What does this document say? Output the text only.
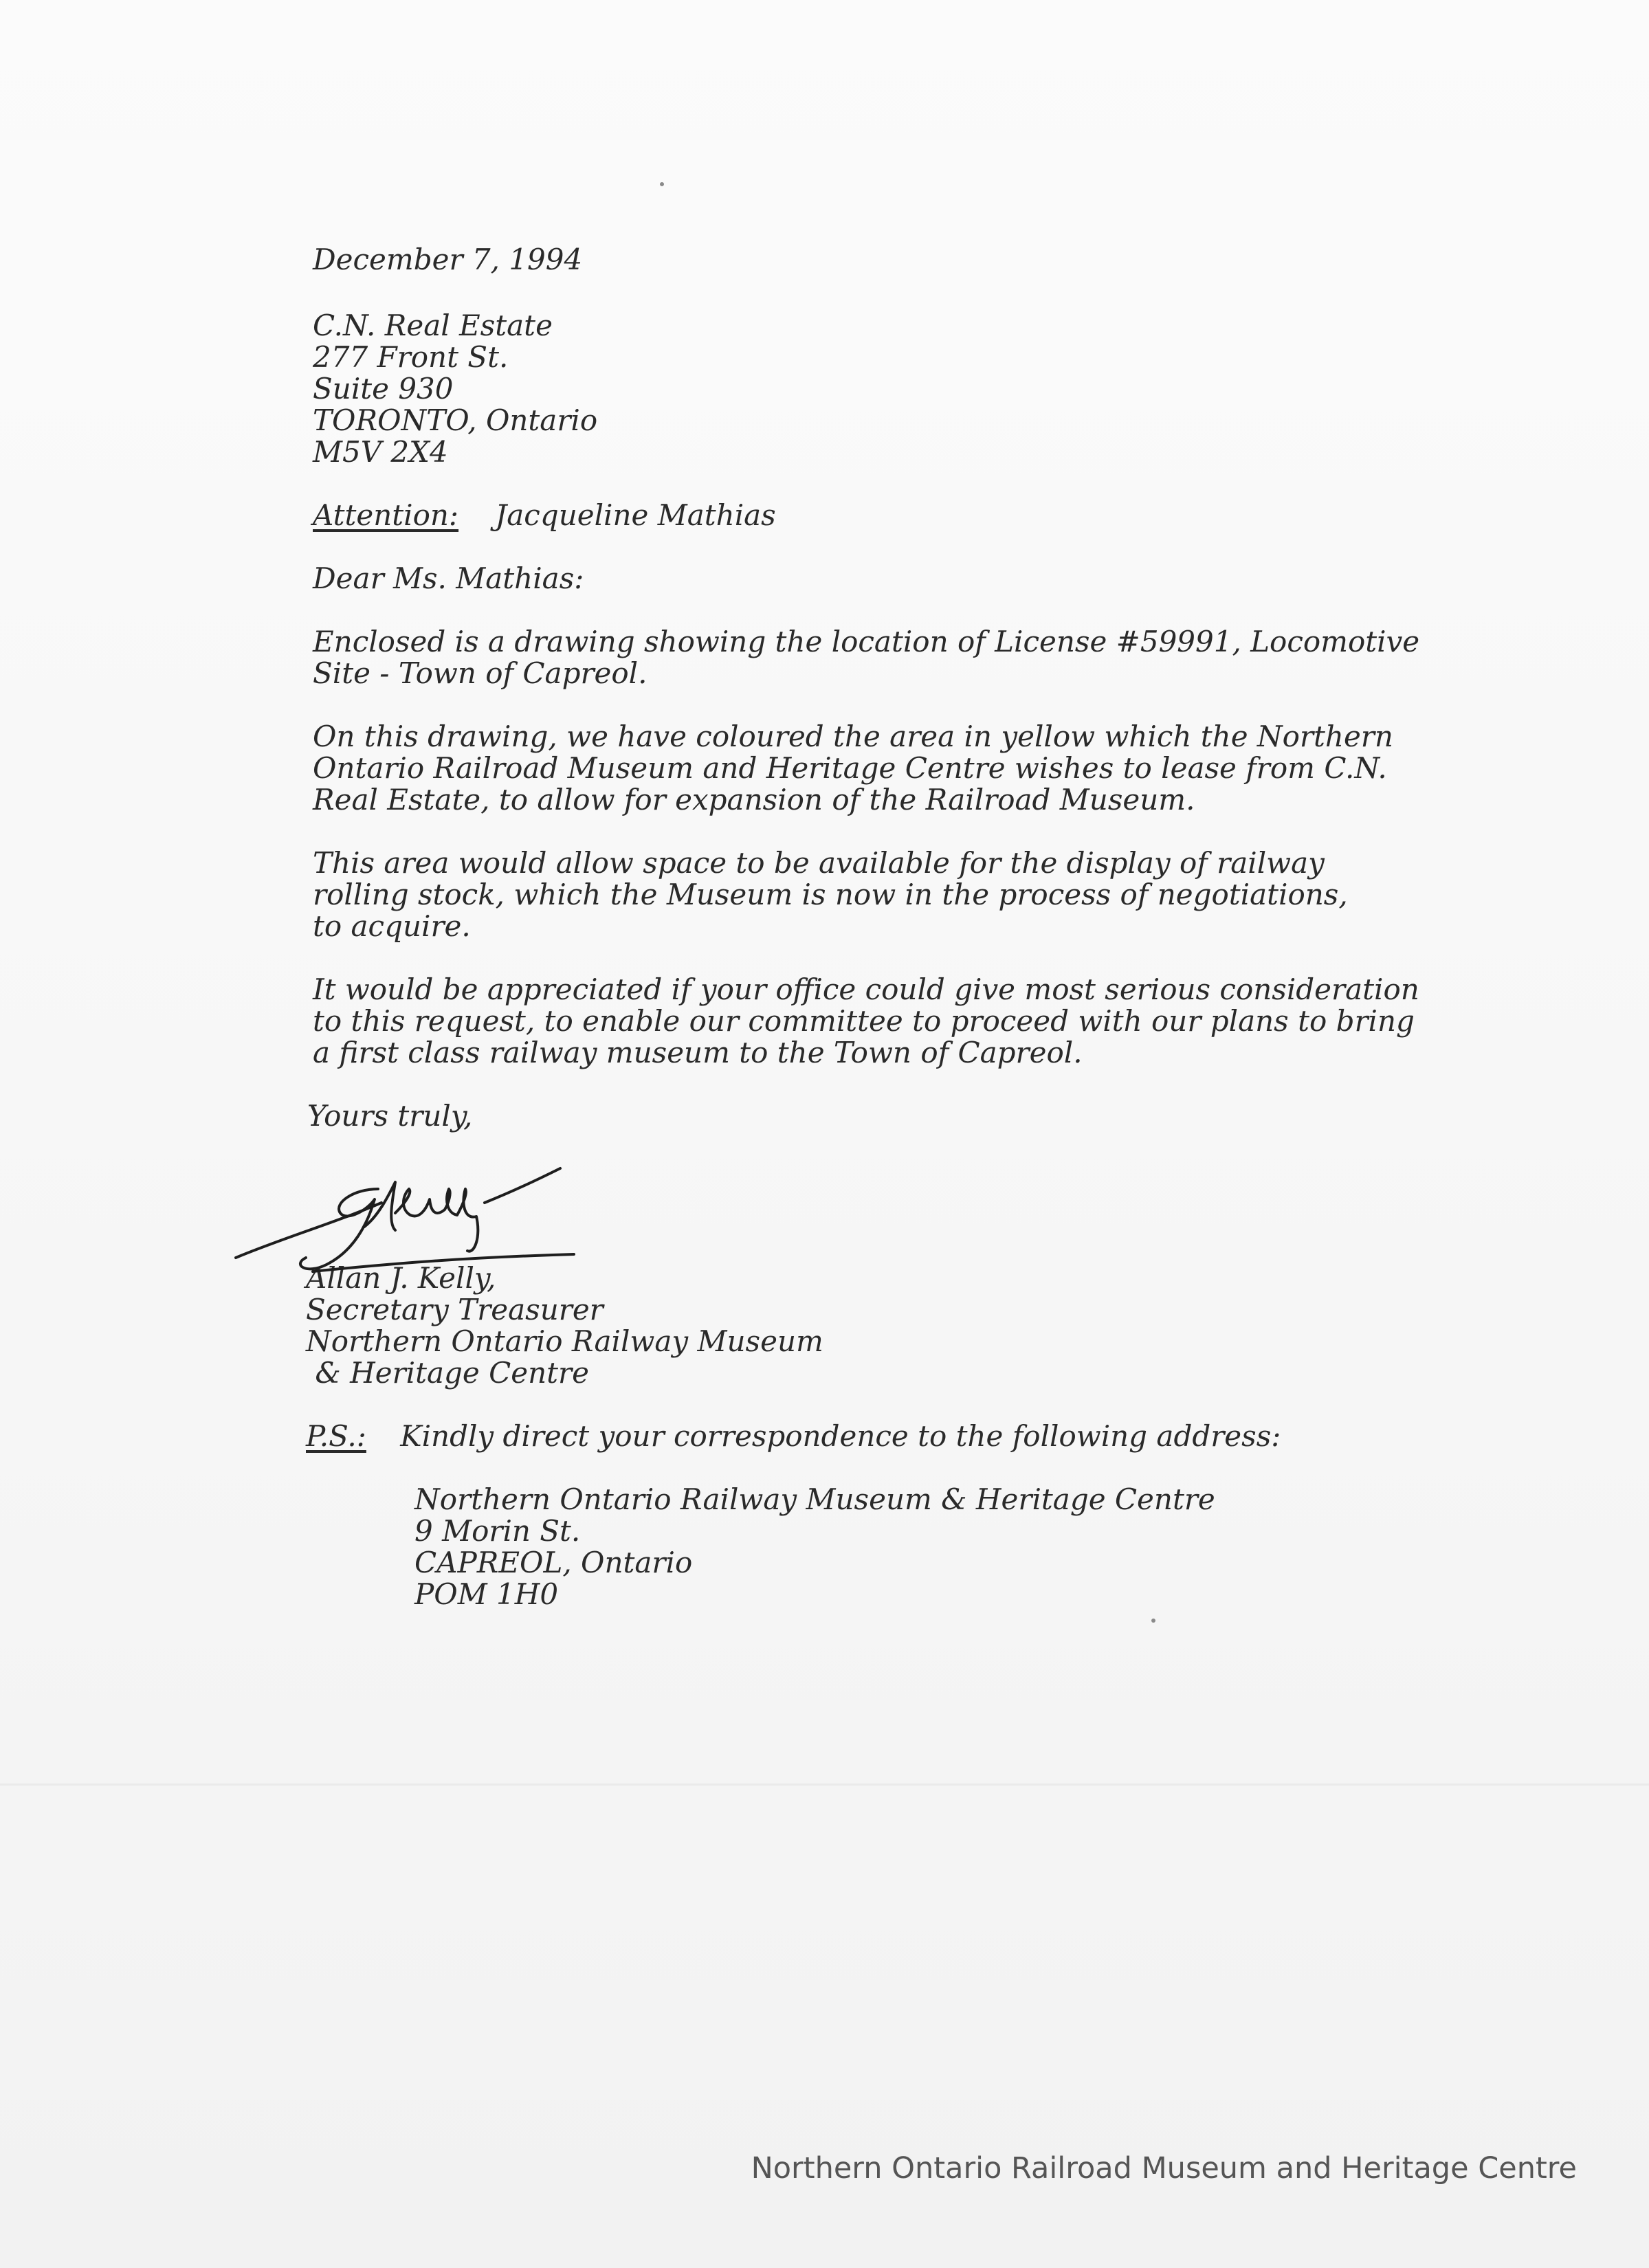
December 7, 1994
C.N. Real Estate
277 Front St.
Suite 930
TORONTO, Ontario
M5V 2X4
Attention: Jacqueline Mathias
Dear Ms. Mathias:
Enclosed is a drawing showing the location of License #59991, Locomotive
Site - Town of Capreol.
On this drawing, we have coloured the area in yellow which the Northern
Ontario Railroad Museum and Heritage Centre wishes to lease from C.N.
Real Estate, to allow for expansion of the Railroad Museum.
This area would allow space to be available for the display of railway
rolling stock, which the Museum is now in the process of negotiations,
to acquire.
It would be appreciated if your office could give most serious consideration
to this request, to enable our committee to proceed with our plans to bring
a first class railway museum to the Town of Capreol.
Yours truly,
Allan J. Kelly,
Secretary Treasurer
Northern Ontario Railway Museum
& Heritage Centre
P.S.: Kindly direct your correspondence to the following address:
Northern Ontario Railway Museum & Heritage Centre
9 Morin St.
CAPREOL, Ontario
POM 1H0
Northern Ontario Railroad Museum and Heritage Centre
